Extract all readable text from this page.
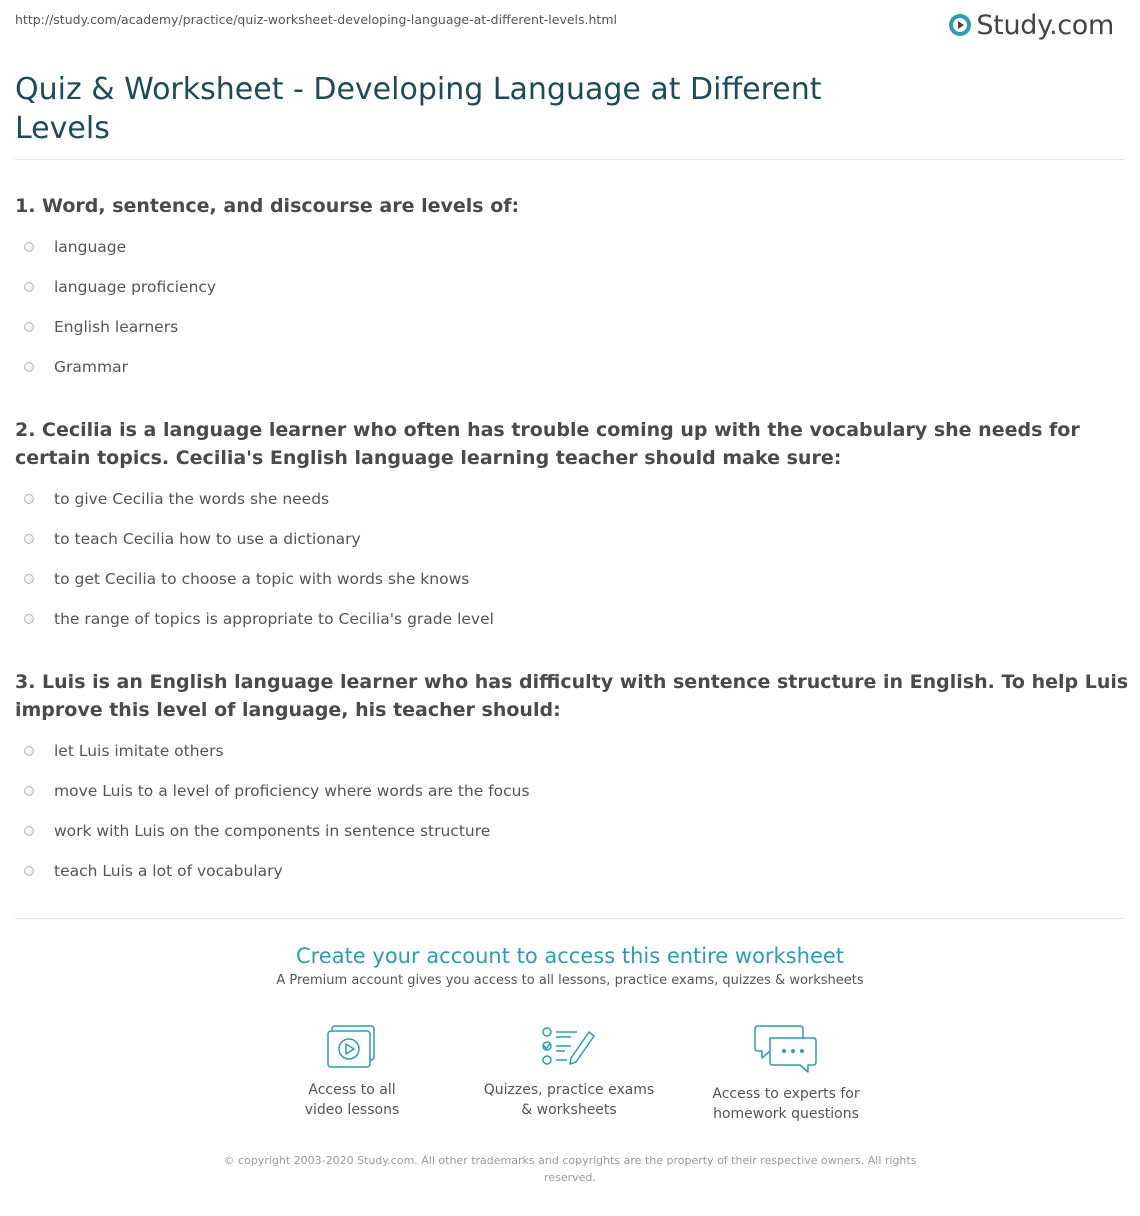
http://study.com/academy/practice/quiz-worksheet-developing-language-at-different-levels.html	Study.com
Quiz & Worksheet - Developing Language at Different Levels

1. Word, sentence, and discourse are levels of:

language
language proficiency
English learners
Grammar

2. Cecilia is a language learner who often has trouble coming up with the vocabulary she needs for certain topics. Cecilia's English language learning teacher should make sure:

to give Cecilia the words she needs
to teach Cecilia how to use a dictionary
to get Cecilia to choose a topic with words she knows
the range of topics is appropriate to Cecilia's grade level

3. Luis is an English language learner who has difficulty with sentence structure in English. To help Luis improve this level of language, his teacher should:

let Luis imitate others
move Luis to a level of proficiency where words are the focus
work with Luis on the components in sentence structure
teach Luis a lot of vocabulary

Create your account to access this entire worksheet

A Premium account gives you access to all lessons, practice exams, quizzes & worksheets
Access to all
video lessons
Quizzes, practice exams
& worksheets
Access to experts for
homework questions
© copyright 2003-2020 Study.com. All other trademarks and copyrights are the property of their respective owners. All rights reserved.
